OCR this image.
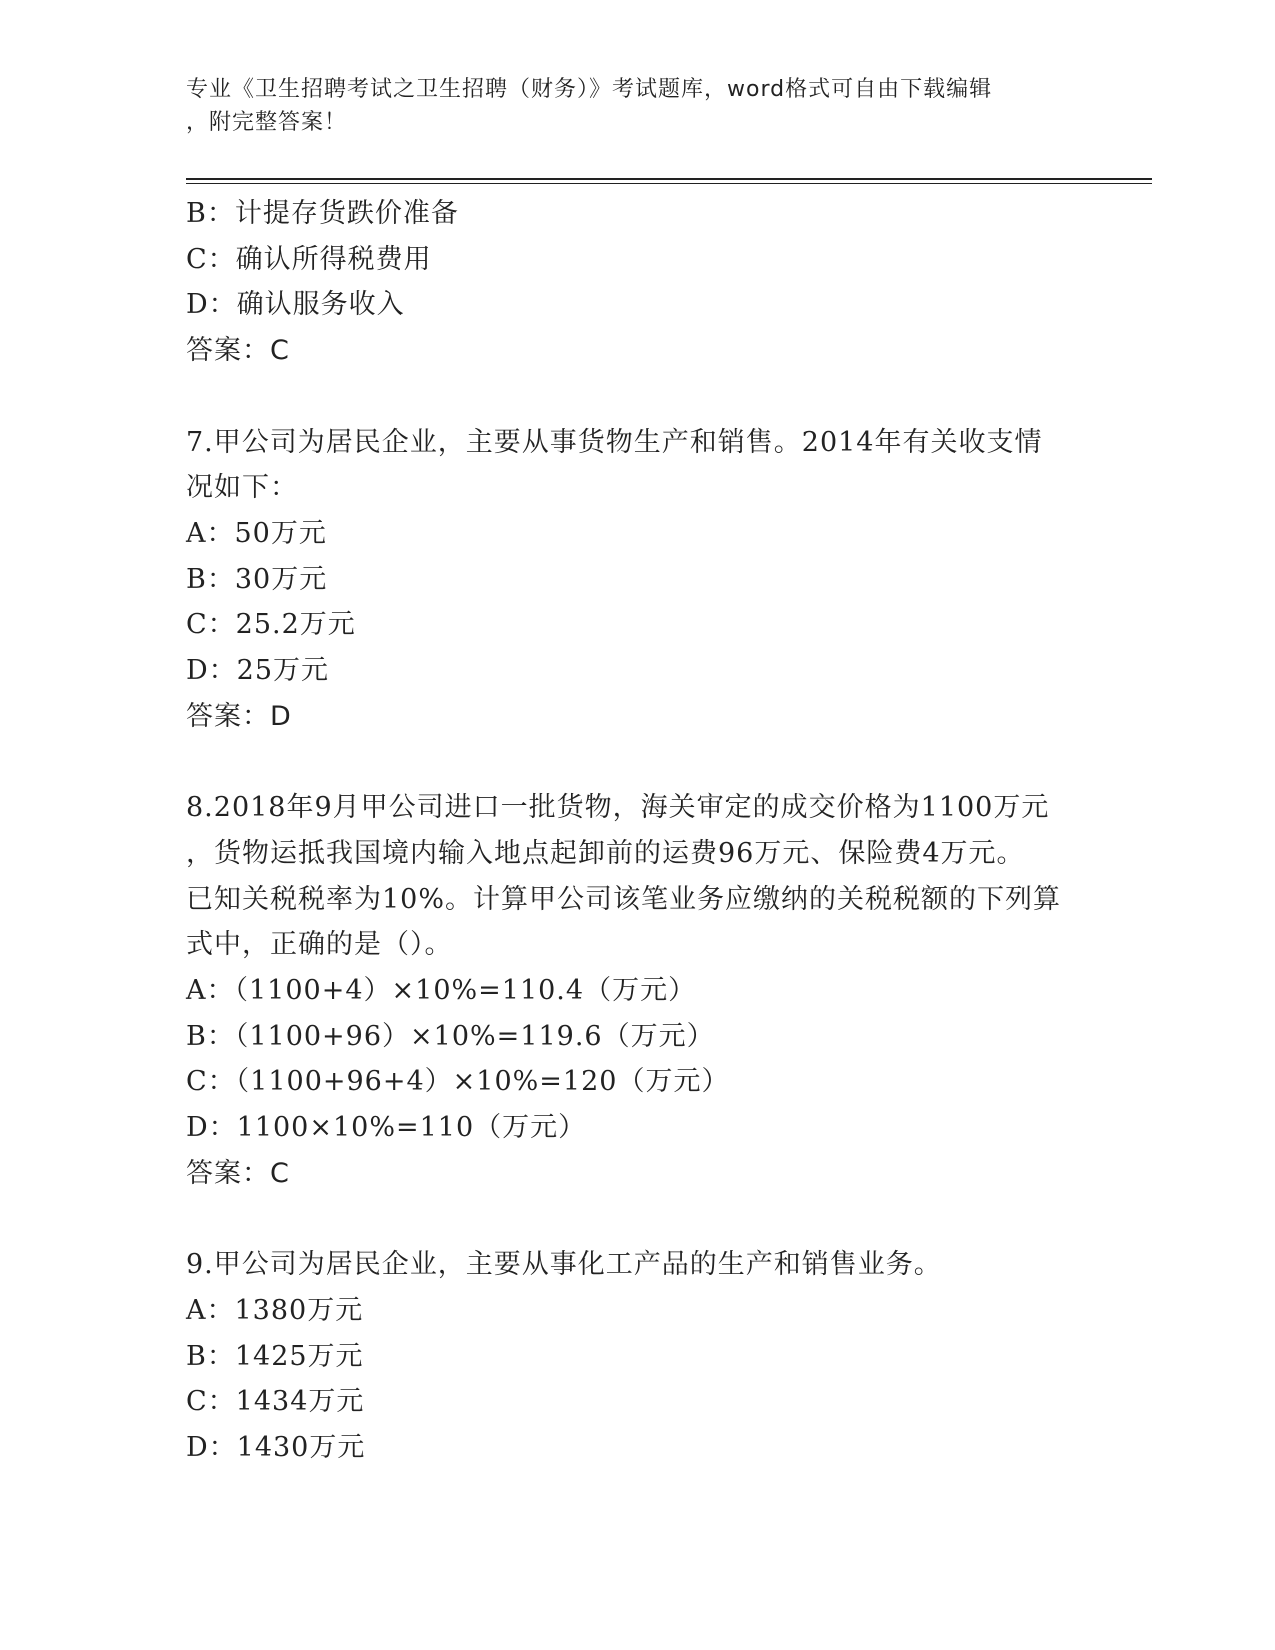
专业《卫生招聘考试之卫生招聘（财务）》考试题库，word格式可自由下载编辑
，附完整答案！
B：计提存货跌价准备
C：确认所得税费用
D：确认服务收入
答案：C
7.甲公司为居民企业，主要从事货物生产和销售。2014年有关收支情
况如下：
A：50万元
B：30万元
C：25.2万元
D：25万元
答案：D
8.2018年9月甲公司进口一批货物，海关审定的成交价格为1100万元
，货物运抵我国境内输入地点起卸前的运费96万元、保险费4万元。
已知关税税率为10%。计算甲公司该笔业务应缴纳的关税税额的下列算
式中，正确的是（）。
A：（1100+4）×10%=110.4（万元）
B：（1100+96）×10%=119.6（万元）
C：（1100+96+4）×10%=120（万元）
D：1100×10%=110（万元）
答案：C
9.甲公司为居民企业，主要从事化工产品的生产和销售业务。
A：1380万元
B：1425万元
C：1434万元
D：1430万元
